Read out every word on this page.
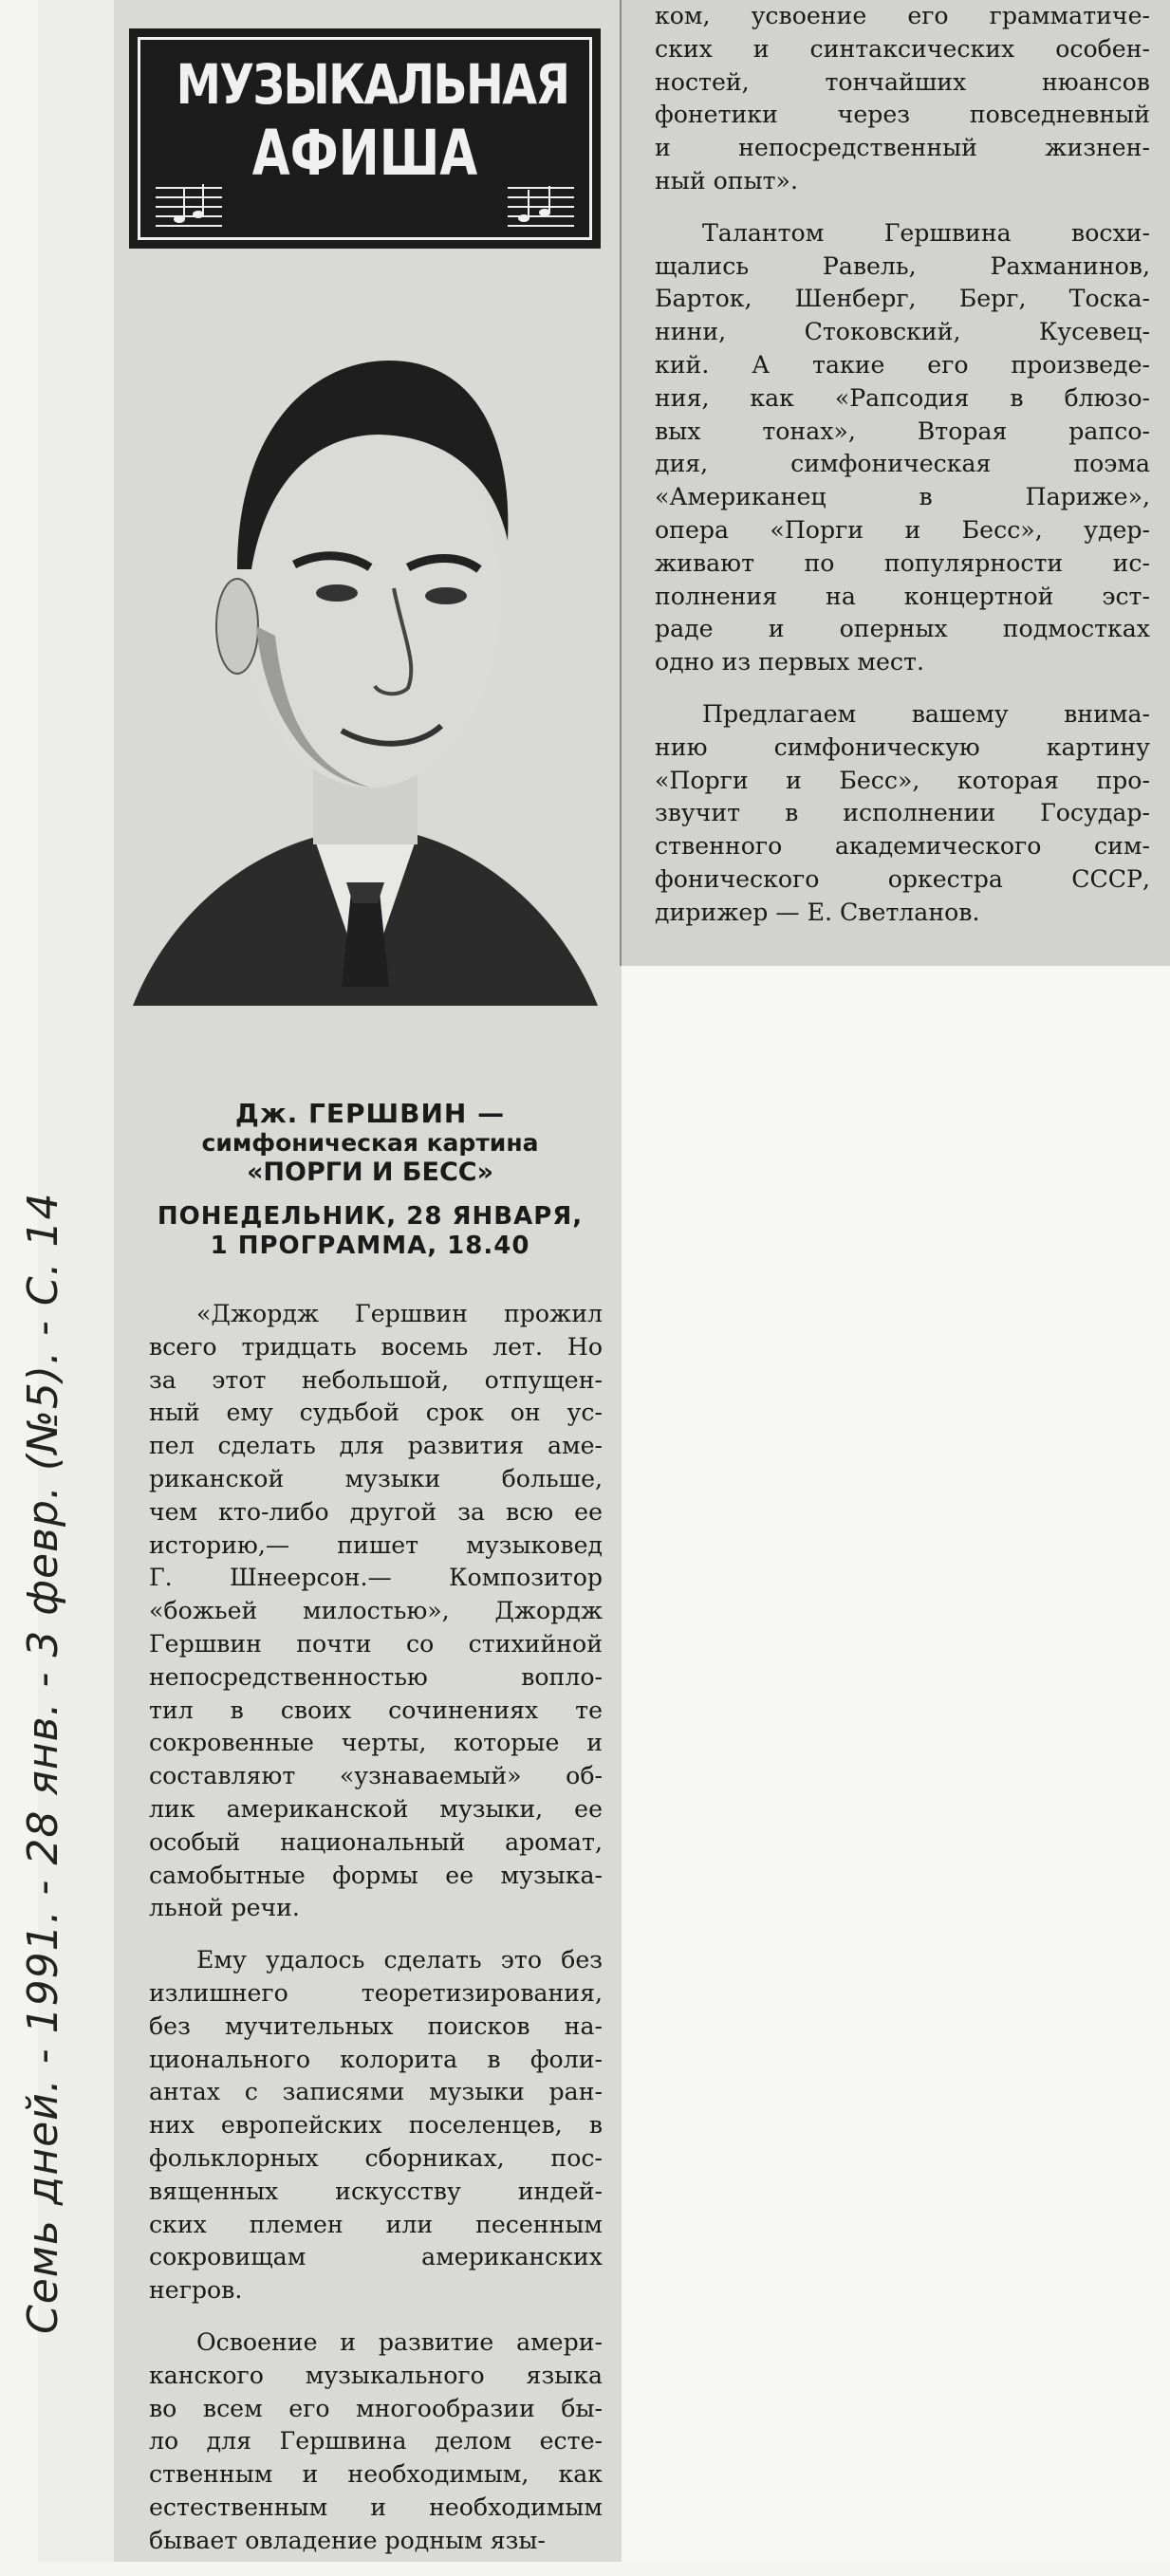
МУЗЫКАЛЬНАЯ
АФИША
Дж. ГЕРШВИН —
симфоническая картина
«ПОРГИ И БЕСС»
ПОНЕДЕЛЬНИК, 28 ЯНВАРЯ,
1 ПРОГРАММА, 18.40
«Джордж Гершвин прожил
всего тридцать восемь лет. Но
за этот небольшой, отпущен-
ный ему судьбой срок он ус-
пел сделать для развития аме-
риканской музыки больше,
чем кто-либо другой за всю ее
историю,— пишет музыковед
Г. Шнеерсон.— Композитор
«божьей милостью», Джордж
Гершвин почти со стихийной
непосредственностью вопло-
тил в своих сочинениях те
сокровенные черты, которые и
составляют «узнаваемый» об-
лик американской музыки, ее
особый национальный аромат,
самобытные формы ее музыка-
льной речи.
Ему удалось сделать это без
излишнего теоретизирования,
без мучительных поисков на-
ционального колорита в фоли-
антах с записями музыки ран-
них европейских поселенцев, в
фольклорных сборниках, пос-
вященных искусству индей-
ских племен или песенным
сокровищам американских
негров.
Освоение и развитие амери-
канского музыкального языка
во всем его многообразии бы-
ло для Гершвина делом есте-
ственным и необходимым, как
естественным и необходимым
бывает овладение родным язы-
ком, усвоение его грамматиче-
ских и синтаксических особен-
ностей, тончайших нюансов
фонетики через повседневный
и непосредственный жизнен-
ный опыт».
Талантом Гершвина восхи-
щались Равель, Рахманинов,
Барток, Шенберг, Берг, Тоска-
нини, Стоковский, Кусевец-
кий. А такие его произведе-
ния, как «Рапсодия в блюзо-
вых тонах», Вторая рапсо-
дия, симфоническая поэма
«Американец в Париже»,
опера «Порги и Бесс», удер-
живают по популярности ис-
полнения на концертной эст-
раде и оперных подмостках
одно из первых мест.
Предлагаем вашему внима-
нию симфоническую картину
«Порги и Бесс», которая про-
звучит в исполнении Государ-
ственного академического сим-
фонического оркестра СССР,
дирижер — Е. Светланов.
Семь дней. - 1991. - 28 янв. - 3 февр. (№5). - С. 14
